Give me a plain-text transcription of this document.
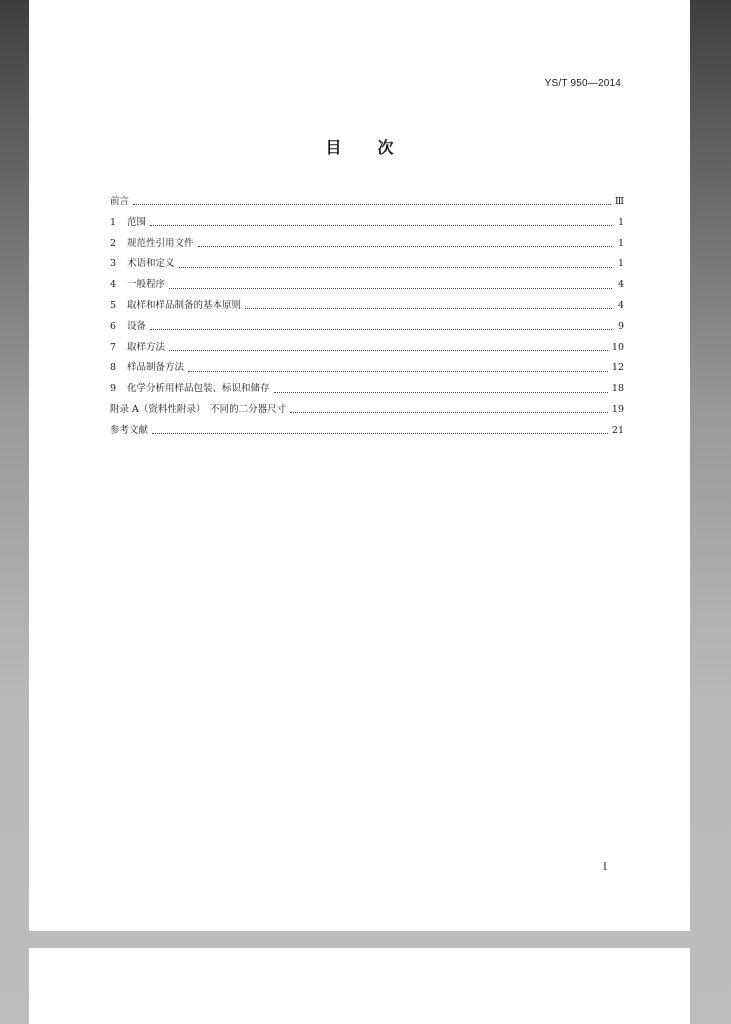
YS/T 950—2014
目 次
前言	Ⅲ
1	范围	1
2	规范性引用文件	1
3	术语和定义	1
4	一般程序	4
5	取样和样品制备的基本原则	4
6	设备	9
7	取样方法	10
8	样品制备方法	12
9	化学分析用样品包装、标识和储存	18
附录 A（资料性附录）　不同的二分器尺寸	19
参考文献	21
I
